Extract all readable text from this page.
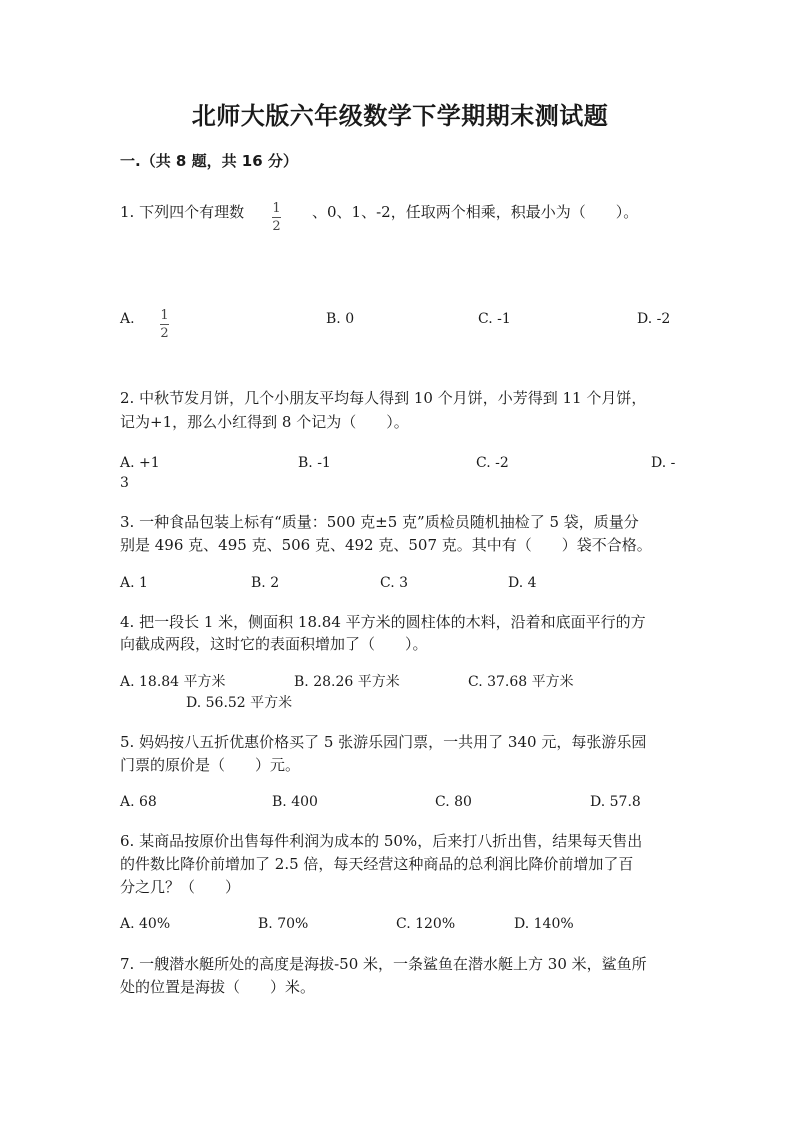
北师大版六年级数学下学期期末测试题
一.（共 8 题，共 16 分）
1. 下列四个有理数 $\frac{1}{2}$ 、0、1、-2，任取两个相乘，积最小为（　　）。
A. $\frac{1}{2}$	B. 0	C. -1	D. -2
2. 中秋节发月饼，几个小朋友平均每人得到 10 个月饼，小芳得到 11 个月饼，
记为+1，那么小红得到 8 个记为（　　）。
A. +1	B. -1	C. -2	D. -
3
3. 一种食品包装上标有“质量：500 克±5 克”质检员随机抽检了 5 袋，质量分
别是 496 克、495 克、506 克、492 克、507 克。其中有（　　）袋不合格。
A. 1	B. 2	C. 3	D. 4
4. 把一段长 1 米，侧面积 18.84 平方米的圆柱体的木料，沿着和底面平行的方
向截成两段，这时它的表面积增加了（　　）。
A. 18.84 平方米	B. 28.26 平方米	C. 37.68 平方米
D. 56.52 平方米
5. 妈妈按八五折优惠价格买了 5 张游乐园门票，一共用了 340 元，每张游乐园
门票的原价是（　　）元。
A. 68	B. 400	C. 80	D. 57.8
6. 某商品按原价出售每件利润为成本的 50%，后来打八折出售，结果每天售出
的件数比降价前增加了 2.5 倍，每天经营这种商品的总利润比降价前增加了百
分之几？（　　）
A. 40%	B. 70%	C. 120%	D. 140%
7. 一艘潜水艇所处的高度是海拔-50 米，一条鲨鱼在潜水艇上方 30 米，鲨鱼所
处的位置是海拔（　　）米。
